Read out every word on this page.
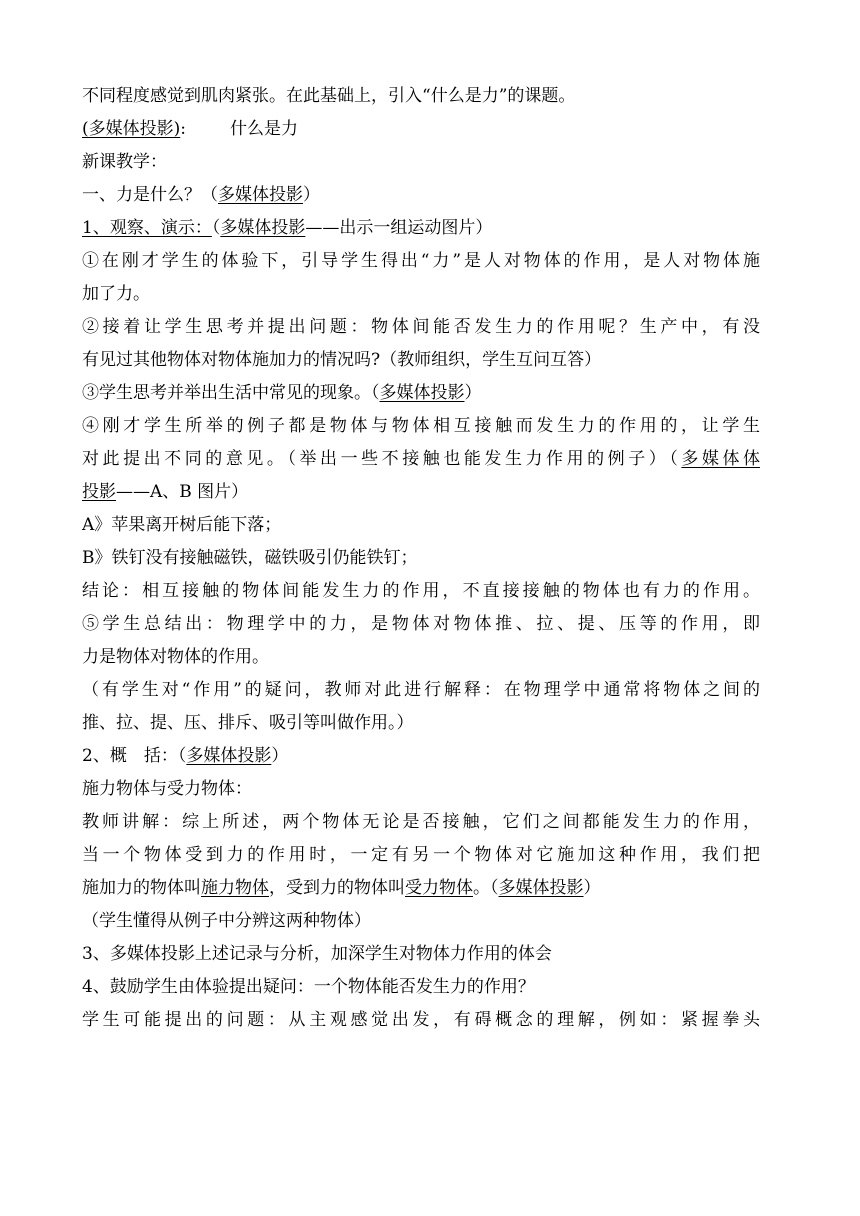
不同程度感觉到肌肉紧张。在此基础上，引入“什么是力”的课题。
(多媒体投影):	什么是力
新课教学：
一、力是什么？（多媒体投影）
1、观察、演示：（多媒体投影——出示一组运动图片）
①在刚才学生的体验下，引导学生得出“力”是人对物体的作用，是人对物体施
加了力。
②接着让学生思考并提出问题：物体间能否发生力的作用呢？生产中，有没
有见过其他物体对物体施加力的情况吗?（教师组织，学生互问互答）
③学生思考并举出生活中常见的现象。（多媒体投影）
④刚才学生所举的例子都是物体与物体相互接触而发生力的作用的，让学生
对此提出不同的意见。（举出一些不接触也能发生力作用的例子）（多媒体体
投影——A、B 图片）
A》苹果离开树后能下落；
B》铁钉没有接触磁铁，磁铁吸引仍能铁钉；
结论：相互接触的物体间能发生力的作用，不直接接触的物体也有力的作用。
⑤学生总结出：物理学中的力，是物体对物体推、拉、提、压等的作用，即
力是物体对物体的作用。
（有学生对“作用”的疑问，教师对此进行解释：在物理学中通常将物体之间的
推、拉、提、压、排斥、吸引等叫做作用。）
2、概　括：（多媒体投影）
施力物体与受力物体：
教师讲解：综上所述，两个物体无论是否接触，它们之间都能发生力的作用，
当一个物体受到力的作用时，一定有另一个物体对它施加这种作用，我们把
施加力的物体叫施力物体，受到力的物体叫受力物体。（多媒体投影）
（学生懂得从例子中分辨这两种物体）
3、多媒体投影上述记录与分析，加深学生对物体力作用的体会
4、鼓励学生由体验提出疑问：一个物体能否发生力的作用？
学生可能提出的问题：从主观感觉出发，有碍概念的理解，例如：紧握拳头
